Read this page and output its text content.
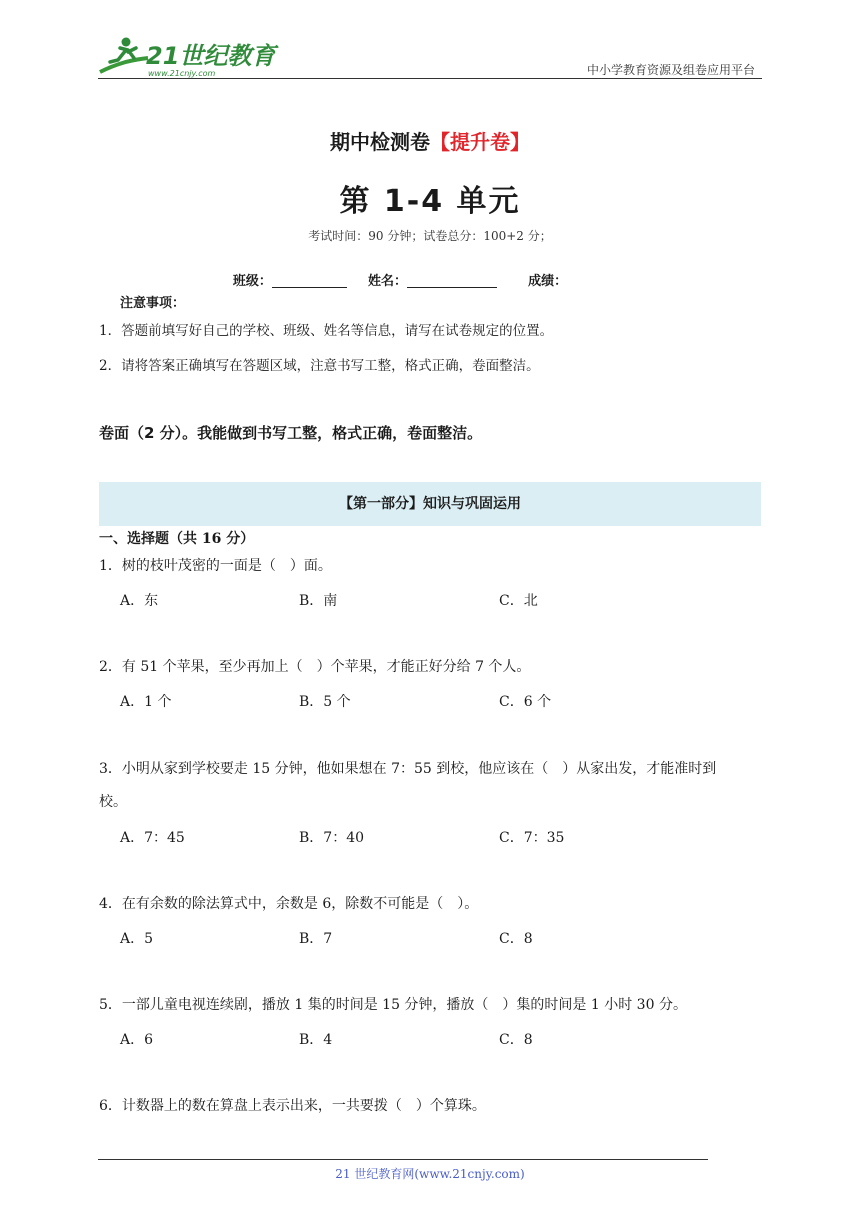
21世纪教育
www.21cnjy.com	中小学教育资源及组卷应用平台
期中检测卷【提升卷】
第 1-4 单元
考试时间：90 分钟；试卷总分：100+2 分；
班级：	姓名：	成绩：
注意事项：
1．答题前填写好自己的学校、班级、姓名等信息，请写在试卷规定的位置。
2．请将答案正确填写在答题区域，注意书写工整，格式正确，卷面整洁。
卷面（2 分）。我能做到书写工整，格式正确，卷面整洁。
【第一部分】知识与巩固运用
一、选择题（共 16 分）
1．树的枝叶茂密的一面是（　）面。
A．东	B．南	C．北
2．有 51 个苹果，至少再加上（　）个苹果，才能正好分给 7 个人。
A．1 个	B．5 个	C．6 个
3．小明从家到学校要走 15 分钟，他如果想在 7：55 到校，他应该在（　）从家出发，才能准时到
校。
A．7：45	B．7：40	C．7：35
4．在有余数的除法算式中，余数是 6，除数不可能是（　）。
A．5	B．7	C．8
5．一部儿童电视连续剧，播放 1 集的时间是 15 分钟，播放（　）集的时间是 1 小时 30 分。
A．6	B．4	C．8
6．计数器上的数在算盘上表示出来，一共要拨（　）个算珠。
21 世纪教育网(www.21cnjy.com)
